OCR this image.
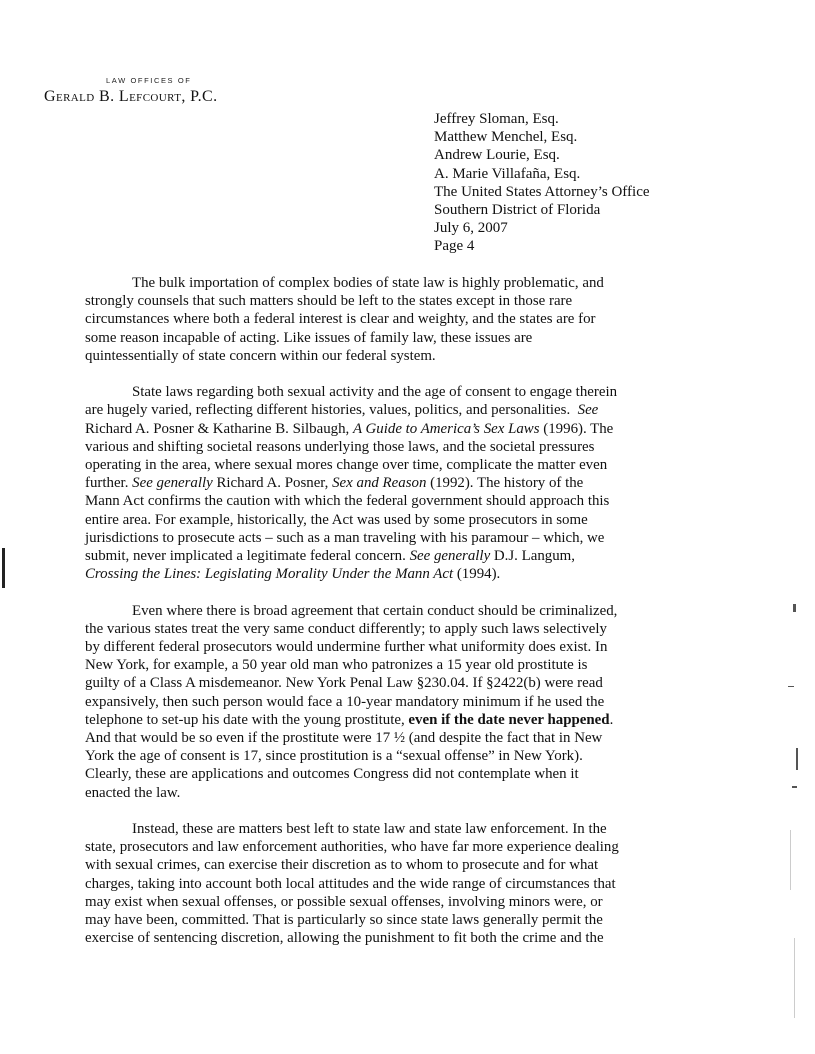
LAW OFFICES OF
Gerald B. Lefcourt, P.C.
Jeffrey Sloman, Esq.
Matthew Menchel, Esq.
Andrew Lourie, Esq.
A. Marie Villafaña, Esq.
The United States Attorney’s Office
Southern District of Florida
July 6, 2007
Page 4

The bulk importation of complex bodies of state law is highly problematic, and
strongly counsels that such matters should be left to the states except in those rare
circumstances where both a federal interest is clear and weighty, and the states are for
some reason incapable of acting. Like issues of family law, these issues are
quintessentially of state concern within our federal system.

State laws regarding both sexual activity and the age of consent to engage therein
are hugely varied, reflecting different histories, values, politics, and personalities. See
Richard A. Posner & Katharine B. Silbaugh, A Guide to America’s Sex Laws (1996). The
various and shifting societal reasons underlying those laws, and the societal pressures
operating in the area, where sexual mores change over time, complicate the matter even
further. See generally Richard A. Posner, Sex and Reason (1992). The history of the
Mann Act confirms the caution with which the federal government should approach this
entire area. For example, historically, the Act was used by some prosecutors in some
jurisdictions to prosecute acts – such as a man traveling with his paramour – which, we
submit, never implicated a legitimate federal concern. See generally D.J. Langum,
Crossing the Lines: Legislating Morality Under the Mann Act (1994).

Even where there is broad agreement that certain conduct should be criminalized,
the various states treat the very same conduct differently; to apply such laws selectively
by different federal prosecutors would undermine further what uniformity does exist. In
New York, for example, a 50 year old man who patronizes a 15 year old prostitute is
guilty of a Class A misdemeanor. New York Penal Law §230.04. If §2422(b) were read
expansively, then such person would face a 10-year mandatory minimum if he used the
telephone to set-up his date with the young prostitute, even if the date never happened.
And that would be so even if the prostitute were 17 ½ (and despite the fact that in New
York the age of consent is 17, since prostitution is a “sexual offense” in New York).
Clearly, these are applications and outcomes Congress did not contemplate when it
enacted the law.

Instead, these are matters best left to state law and state law enforcement. In the
state, prosecutors and law enforcement authorities, who have far more experience dealing
with sexual crimes, can exercise their discretion as to whom to prosecute and for what
charges, taking into account both local attitudes and the wide range of circumstances that
may exist when sexual offenses, or possible sexual offenses, involving minors were, or
may have been, committed. That is particularly so since state laws generally permit the
exercise of sentencing discretion, allowing the punishment to fit both the crime and the
